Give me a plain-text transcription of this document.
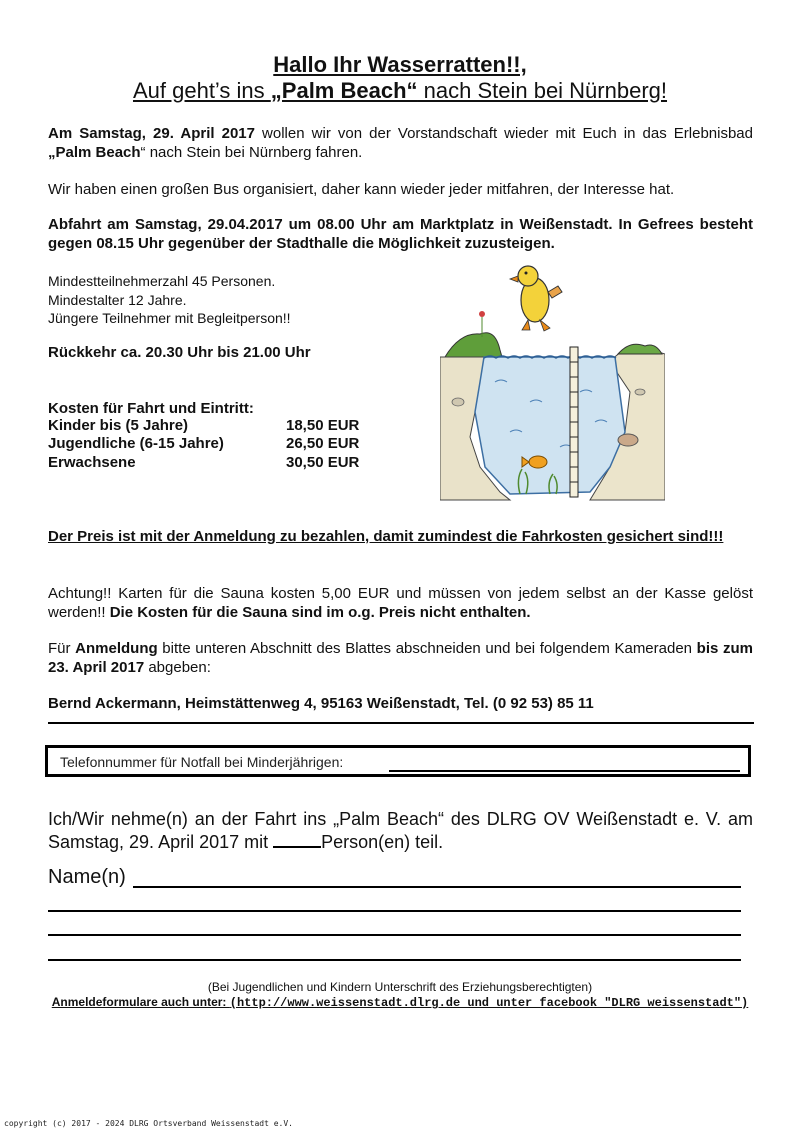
Hallo Ihr Wasserratten!!,
Auf geht’s ins „Palm Beach“ nach Stein bei Nürnberg!
Am Samstag, 29. April 2017 wollen wir von der Vorstandschaft wieder mit Euch in das Erlebnisbad „Palm Beach“ nach Stein bei Nürnberg fahren.
Wir haben einen großen Bus organisiert, daher kann wieder jeder mitfahren, der Interesse hat.
Abfahrt am Samstag, 29.04.2017 um 08.00 Uhr am Marktplatz in Weißenstadt. In Gefrees besteht gegen 08.15 Uhr gegenüber der Stadthalle die Möglichkeit zuzusteigen.
Mindestteilnehmerzahl 45 Personen.
Mindestalter 12 Jahre.
Jüngere Teilnehmer mit Begleitperson!!
Rückkehr ca. 20.30 Uhr bis 21.00 Uhr
Kosten für Fahrt und Eintritt:
Kinder bis (5 Jahre)	18,50 EUR
Jugendliche (6-15 Jahre)	26,50 EUR
Erwachsene	30,50 EUR
Der Preis ist mit der Anmeldung zu bezahlen, damit zumindest die Fahrkosten gesichert sind!!!
Achtung!! Karten für die Sauna kosten 5,00 EUR und müssen von jedem selbst an der Kasse gelöst werden!! Die Kosten für die Sauna sind im o.g. Preis nicht enthalten.
Für Anmeldung bitte unteren Abschnitt des Blattes abschneiden und bei folgendem Kameraden bis zum 23. April 2017 abgeben:
Bernd Ackermann, Heimstättenweg 4, 95163 Weißenstadt, Tel. (0 92 53) 85 11
Telefonnummer für Notfall bei Minderjährigen:
Ich/Wir nehme(n) an der Fahrt ins „Palm Beach“ des DLRG OV Weißenstadt e. V. am Samstag, 29. April 2017 mit	Person(en) teil.
Name(n)
(Bei Jugendlichen und Kindern Unterschrift des Erziehungsberechtigten)
Anmeldeformulare auch unter: (http://www.weissenstadt.dlrg.de und unter facebook "DLRG weissenstadt")
copyright (c) 2017 - 2024 DLRG Ortsverband Weissenstadt e.V.
